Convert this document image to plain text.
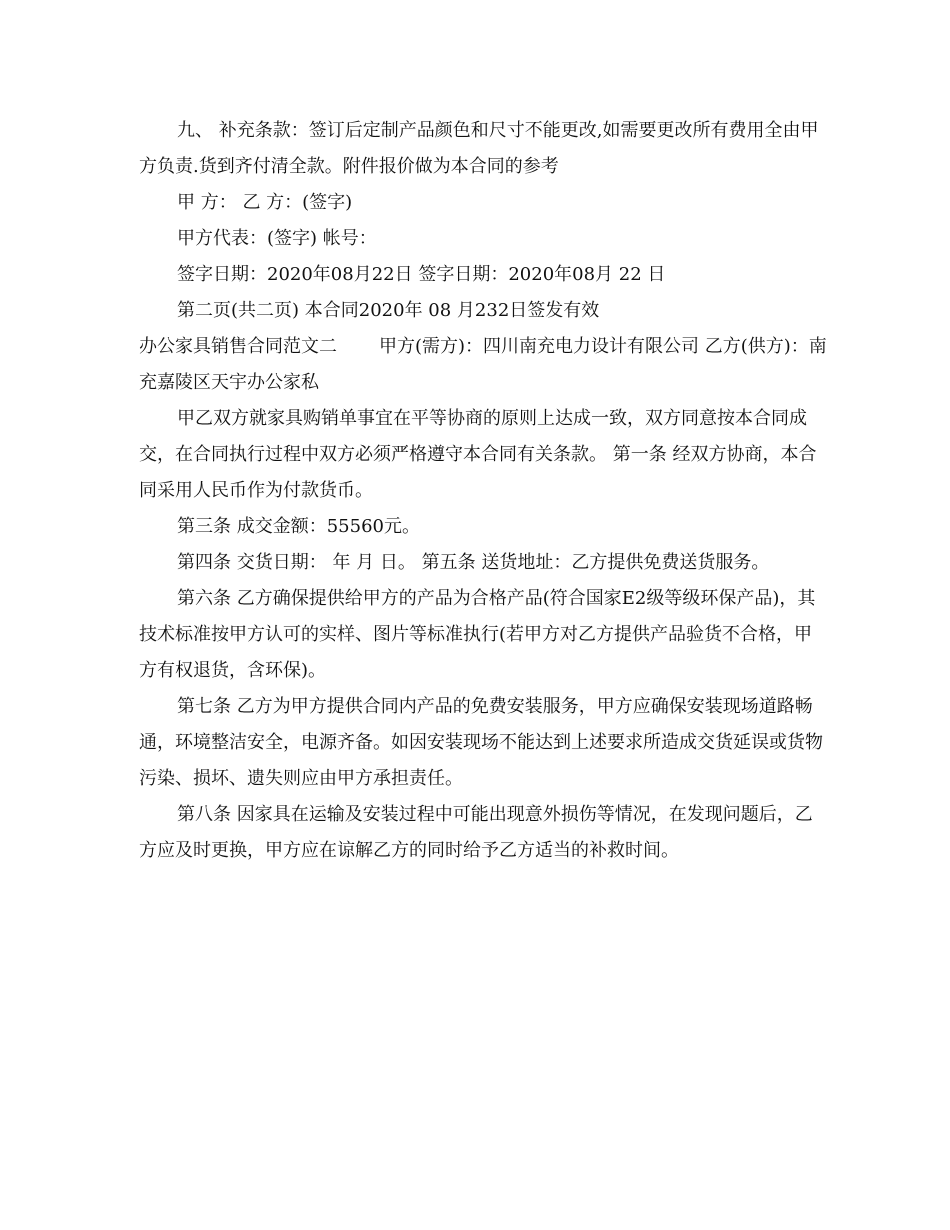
九、 补充条款：签订后定制产品颜色和尺寸不能更改,如需要更改所有费用全由甲方负责.货到齐付清全款。附件报价做为本合同的参考

甲 方： 乙 方：(签字)

甲方代表：(签字) 帐号：

签字日期：2020年08月22日 签字日期：2020年08月 22 日

第二页(共二页) 本合同2020年 08 月232日签发有效

办公家具销售合同范文二 甲方(需方)：四川南充电力设计有限公司 乙方(供方)：南充嘉陵区天宇办公家私

甲乙双方就家具购销单事宜在平等协商的原则上达成一致，双方同意按本合同成交，在合同执行过程中双方必须严格遵守本合同有关条款。 第一条 经双方协商，本合同采用人民币作为付款货币。

第三条 成交金额：55560元。

第四条 交货日期： 年 月 日。 第五条 送货地址：乙方提供免费送货服务。

第六条 乙方确保提供给甲方的产品为合格产品(符合国家E2级等级环保产品)，其技术标准按甲方认可的实样、图片等标准执行(若甲方对乙方提供产品验货不合格，甲方有权退货，含环保)。

第七条 乙方为甲方提供合同内产品的免费安装服务，甲方应确保安装现场道路畅通，环境整洁安全，电源齐备。如因安装现场不能达到上述要求所造成交货延误或货物污染、损坏、遗失则应由甲方承担责任。

第八条 因家具在运输及安装过程中可能出现意外损伤等情况，在发现问题后，乙方应及时更换，甲方应在谅解乙方的同时给予乙方适当的补救时间。
